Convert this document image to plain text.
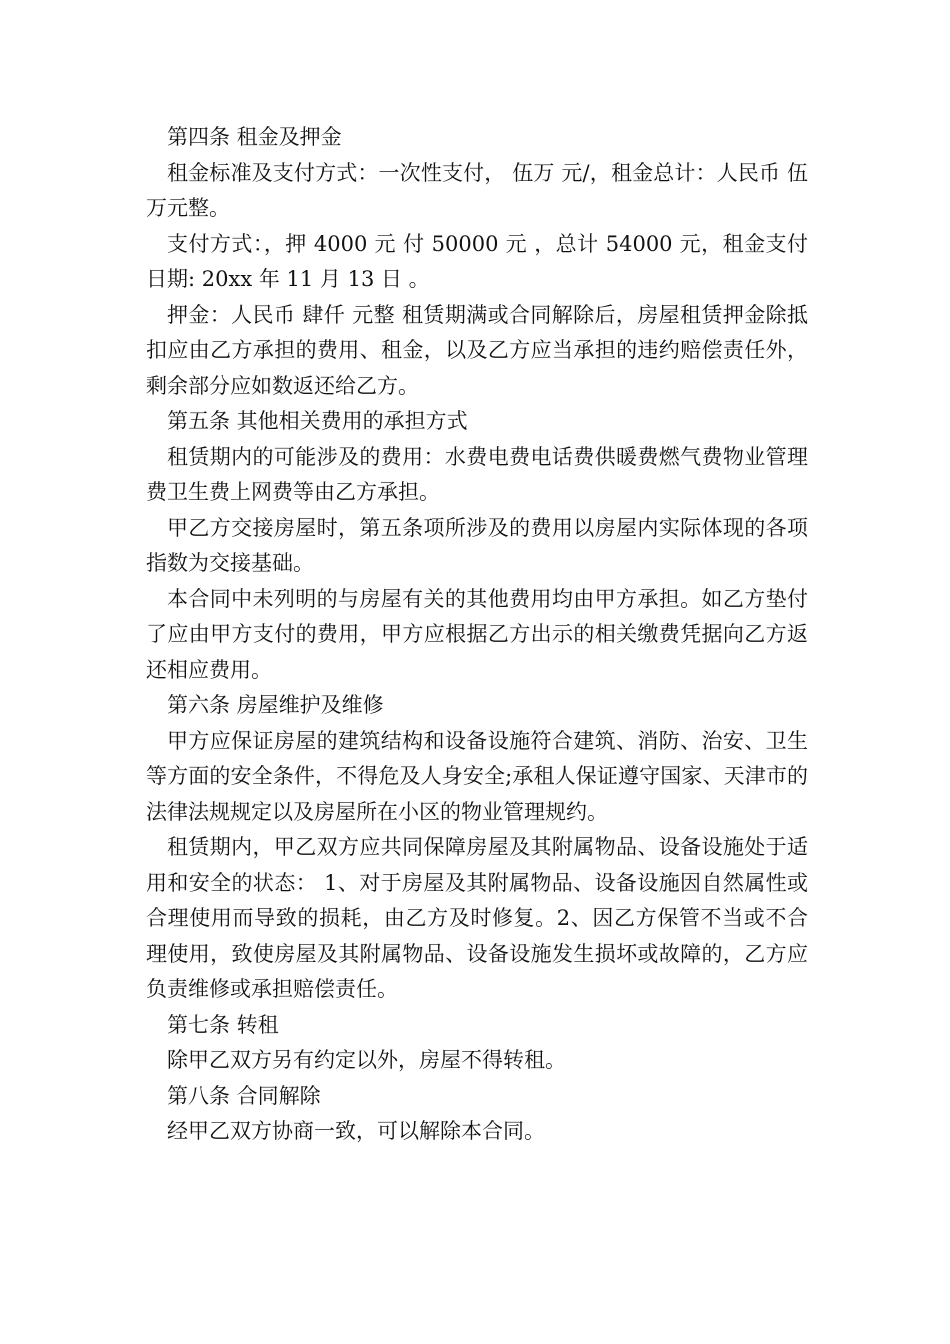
第四条 租金及押金

租金标准及支付方式：一次性支付， 伍万 元/，租金总计：人民币 伍万元整。

支付方式：，押 4000 元 付 50000 元 ，总计 54000 元，租金支付日期: 20xx 年 11 月 13 日 。

押金：人民币 肆仟 元整 租赁期满或合同解除后，房屋租赁押金除抵扣应由乙方承担的费用、租金，以及乙方应当承担的违约赔偿责任外，剩余部分应如数返还给乙方。

第五条 其他相关费用的承担方式

租赁期内的可能涉及的费用：水费电费电话费供暖费燃气费物业管理费卫生费上网费等由乙方承担。

甲乙方交接房屋时，第五条项所涉及的费用以房屋内实际体现的各项指数为交接基础。

本合同中未列明的与房屋有关的其他费用均由甲方承担。如乙方垫付了应由甲方支付的费用，甲方应根据乙方出示的相关缴费凭据向乙方返还相应费用。

第六条 房屋维护及维修

甲方应保证房屋的建筑结构和设备设施符合建筑、消防、治安、卫生等方面的安全条件，不得危及人身安全;承租人保证遵守国家、天津市的法律法规规定以及房屋所在小区的物业管理规约。

租赁期内，甲乙双方应共同保障房屋及其附属物品、设备设施处于适用和安全的状态： 1、对于房屋及其附属物品、设备设施因自然属性或合理使用而导致的损耗，由乙方及时修复。2、因乙方保管不当或不合理使用，致使房屋及其附属物品、设备设施发生损坏或故障的，乙方应负责维修或承担赔偿责任。

第七条 转租

除甲乙双方另有约定以外，房屋不得转租。

第八条 合同解除

经甲乙双方协商一致，可以解除本合同。
